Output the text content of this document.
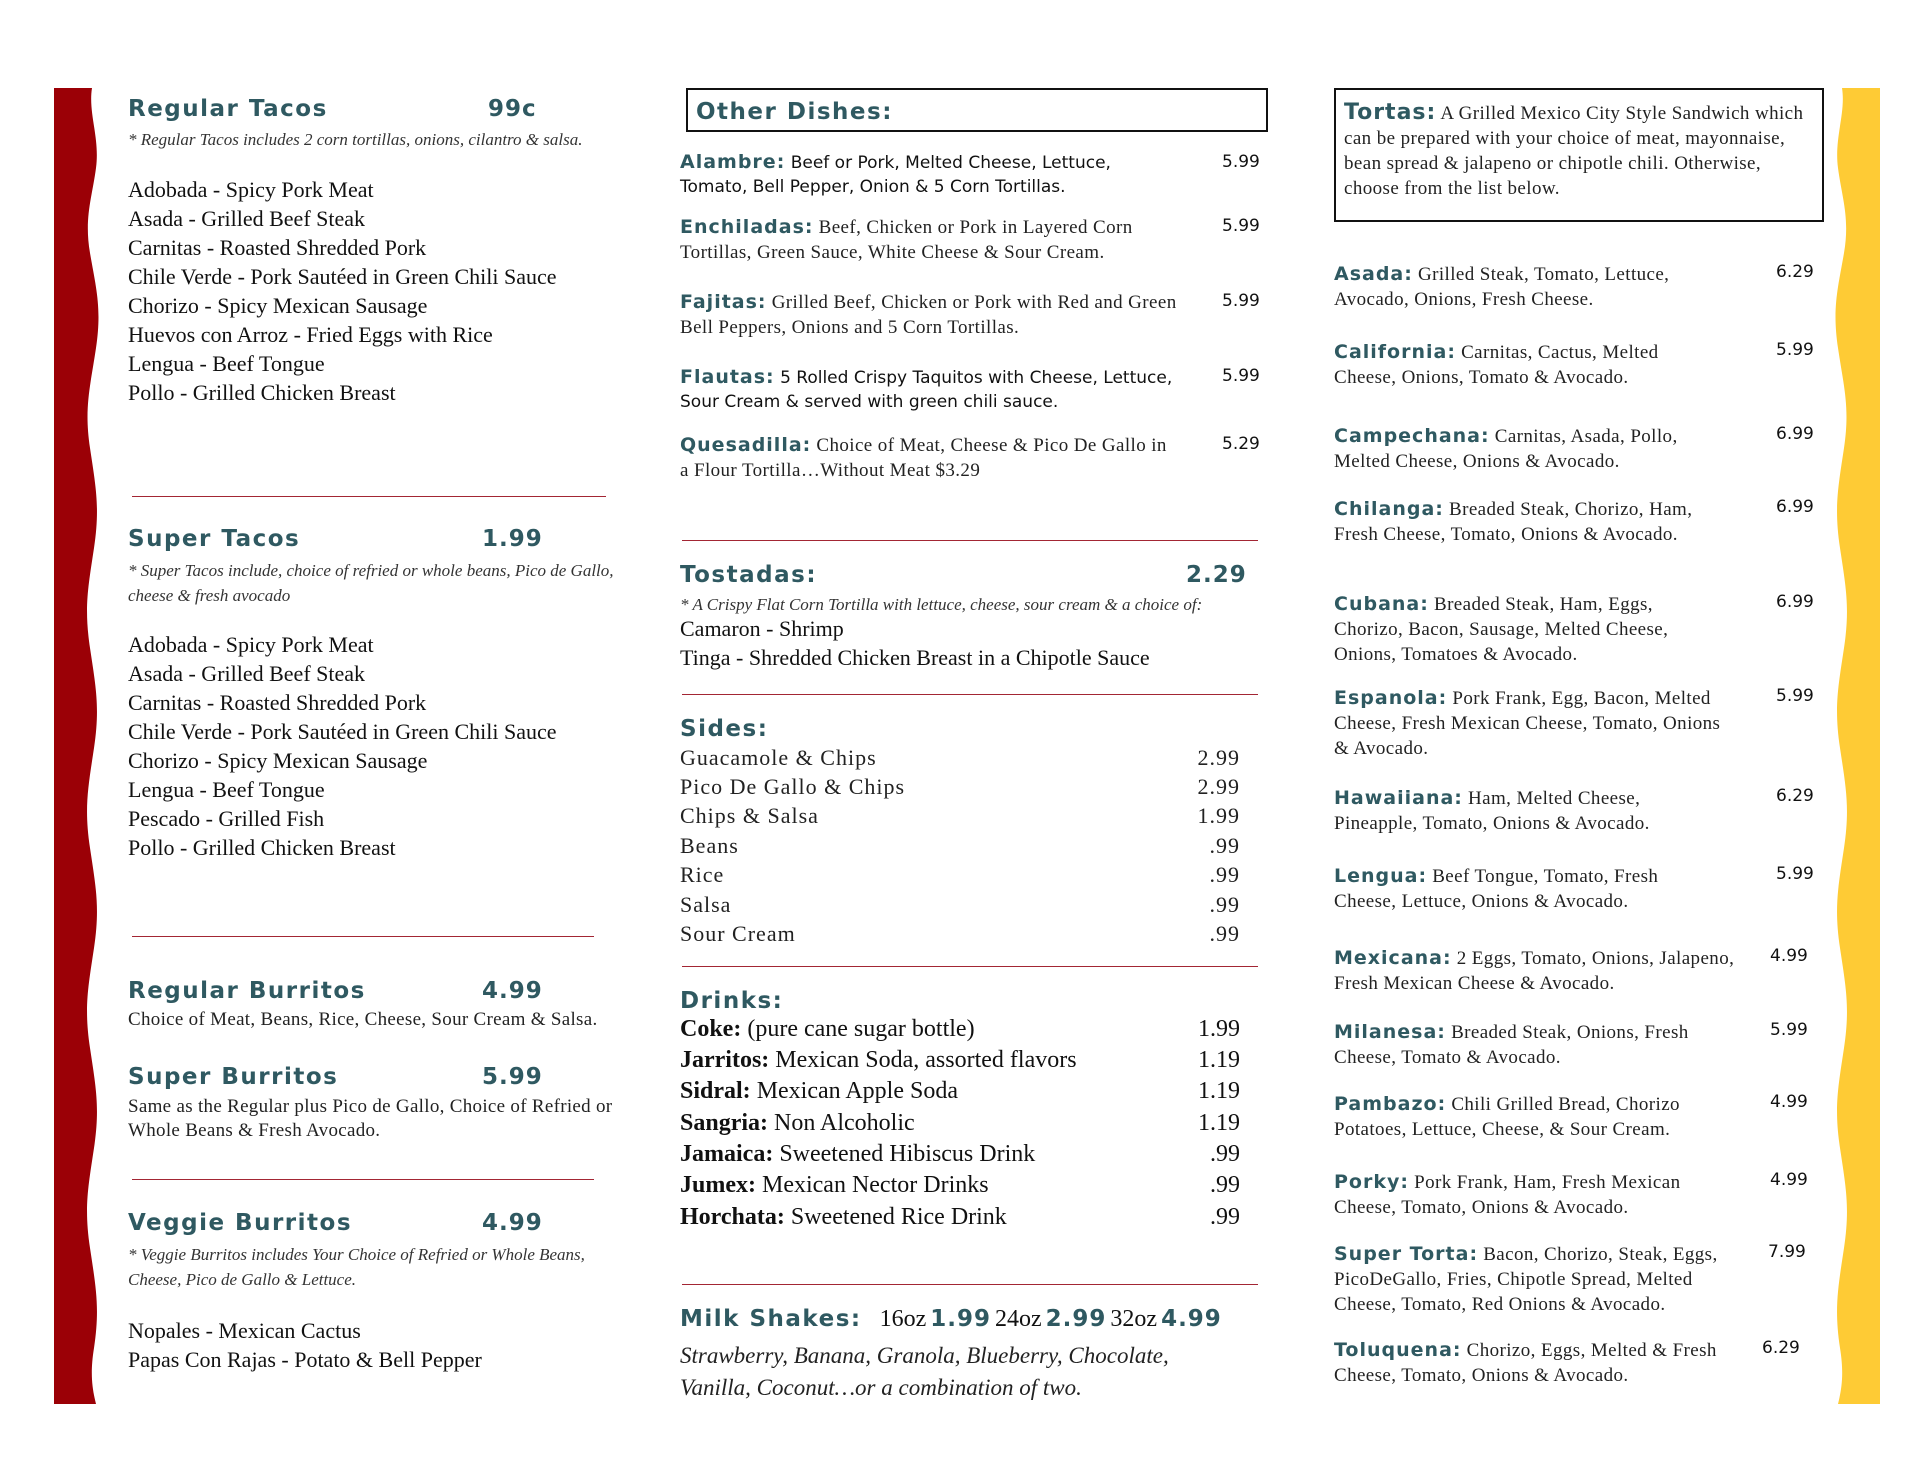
Regular Tacos	99c
* Regular Tacos includes 2 corn tortillas, onions, cilantro & salsa.
Adobada - Spicy Pork Meat
Asada - Grilled Beef Steak
Carnitas - Roasted Shredded Pork
Chile Verde - Pork Sautéed in Green Chili Sauce
Chorizo - Spicy Mexican Sausage
Huevos con Arroz - Fried Eggs with Rice
Lengua - Beef Tongue
Pollo - Grilled Chicken Breast
Super Tacos	1.99
* Super Tacos include, choice of refried or whole beans, Pico de Gallo, cheese & fresh avocado
Adobada - Spicy Pork Meat
Asada - Grilled Beef Steak
Carnitas - Roasted Shredded Pork
Chile Verde - Pork Sautéed in Green Chili Sauce
Chorizo - Spicy Mexican Sausage
Lengua - Beef Tongue
Pescado - Grilled Fish
Pollo - Grilled Chicken Breast
Regular Burritos	4.99
Choice of Meat, Beans, Rice, Cheese, Sour Cream & Salsa.
Super Burritos	5.99
Same as the Regular plus Pico de Gallo, Choice of Refried or Whole Beans & Fresh Avocado.
Veggie Burritos	4.99
* Veggie Burritos includes Your Choice of Refried or Whole Beans, Cheese, Pico de Gallo & Lettuce.
Nopales - Mexican Cactus
Papas Con Rajas - Potato & Bell Pepper
Other Dishes:
Alambre: Beef or Pork, Melted Cheese, Lettuce, Tomato, Bell Pepper, Onion & 5 Corn Tortillas.
5.99
Enchiladas: Beef, Chicken or Pork in Layered Corn Tortillas, Green Sauce, White Cheese & Sour Cream.
5.99
Fajitas: Grilled Beef, Chicken or Pork with Red and Green Bell Peppers, Onions and 5 Corn Tortillas.
5.99
Flautas: 5 Rolled Crispy Taquitos with Cheese, Lettuce, Sour Cream & served with green chili sauce.
5.99
Quesadilla: Choice of Meat, Cheese & Pico De Gallo in a Flour Tortilla…Without Meat $3.29
5.29
Tostadas:	2.29
* A Crispy Flat Corn Tortilla with lettuce, cheese, sour cream & a choice of:
Camaron - Shrimp
Tinga - Shredded Chicken Breast in a Chipotle Sauce
Sides:
Guacamole & Chips	2.99
Pico De Gallo & Chips	2.99
Chips & Salsa	1.99
Beans	.99
Rice	.99
Salsa	.99
Sour Cream	.99
Drinks:
Coke: (pure cane sugar bottle)	1.99
Jarritos: Mexican Soda, assorted flavors	1.19
Sidral: Mexican Apple Soda	1.19
Sangria: Non Alcoholic	1.19
Jamaica: Sweetened Hibiscus Drink	.99
Jumex: Mexican Nector Drinks	.99
Horchata: Sweetened Rice Drink	.99
Milk Shakes: 16oz 1.99 24oz 2.99 32oz 4.99
Strawberry, Banana, Granola, Blueberry, Chocolate, Vanilla, Coconut…or a combination of two.
Tortas: A Grilled Mexico City Style Sandwich which can be prepared with your choice of meat, mayonnaise, bean spread & jalapeno or chipotle chili. Otherwise, choose from the list below.
Asada: Grilled Steak, Tomato, Lettuce, Avocado, Onions, Fresh Cheese.
6.29
California: Carnitas, Cactus, Melted Cheese, Onions, Tomato & Avocado.
5.99
Campechana: Carnitas, Asada, Pollo, Melted Cheese, Onions & Avocado.
6.99
Chilanga: Breaded Steak, Chorizo, Ham, Fresh Cheese, Tomato, Onions & Avocado.
6.99
Cubana: Breaded Steak, Ham, Eggs, Chorizo, Bacon, Sausage, Melted Cheese, Onions, Tomatoes & Avocado.
6.99
Espanola: Pork Frank, Egg, Bacon, Melted Cheese, Fresh Mexican Cheese, Tomato, Onions & Avocado.
5.99
Hawaiiana: Ham, Melted Cheese, Pineapple, Tomato, Onions & Avocado.
6.29
Lengua: Beef Tongue, Tomato, Fresh Cheese, Lettuce, Onions & Avocado.
5.99
Mexicana: 2 Eggs, Tomato, Onions, Jalapeno, Fresh Mexican Cheese & Avocado.
4.99
Milanesa: Breaded Steak, Onions, Fresh Cheese, Tomato & Avocado.
5.99
Pambazo: Chili Grilled Bread, Chorizo Potatoes, Lettuce, Cheese, & Sour Cream.
4.99
Porky: Pork Frank, Ham, Fresh Mexican Cheese, Tomato, Onions & Avocado.
4.99
Super Torta: Bacon, Chorizo, Steak, Eggs, PicoDeGallo, Fries, Chipotle Spread, Melted Cheese, Tomato, Red Onions & Avocado.
7.99
Toluquena: Chorizo, Eggs, Melted & Fresh Cheese, Tomato, Onions & Avocado.
6.29
